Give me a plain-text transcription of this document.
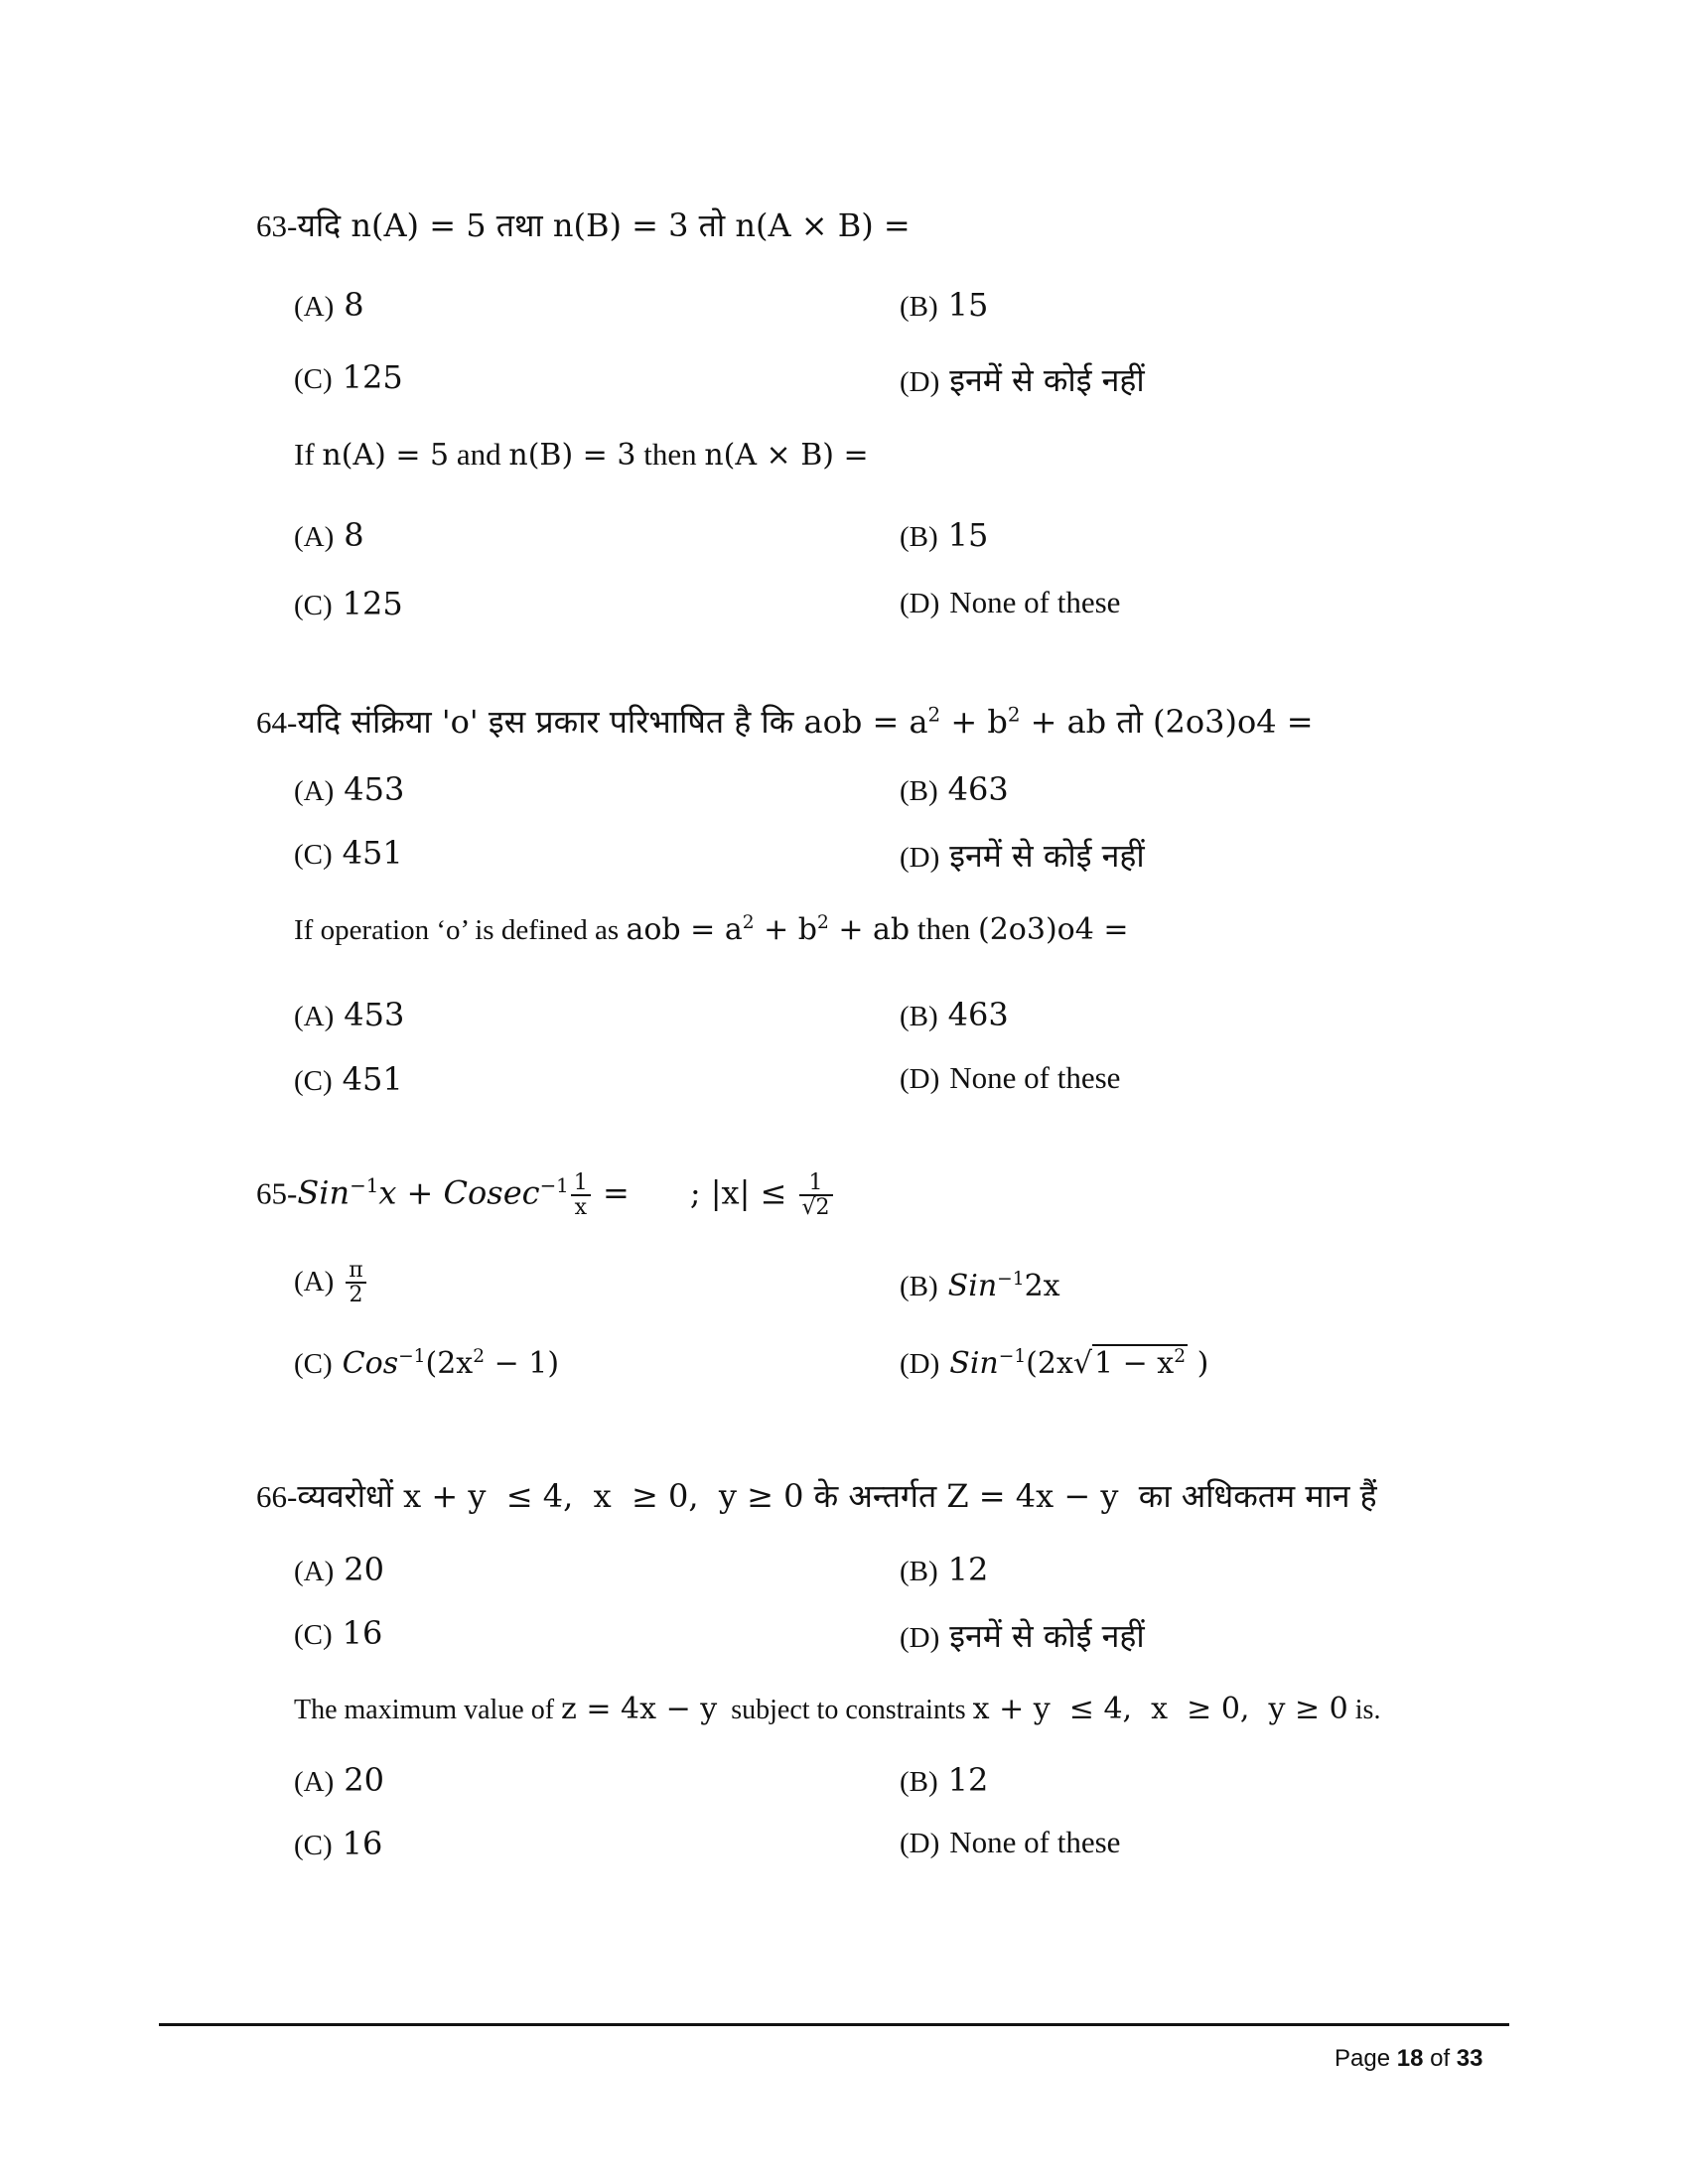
63-यदि n(A) = 5 तथा n(B) = 3 तो n(A × B) =
(A) 8	(B) 15
(C) 125	(D) इनमें से कोई नहीं
If n(A) = 5 and n(B) = 3 then n(A × B) =
(A) 8	(B) 15
(C) 125	(D) None of these
64-यदि संक्रिया 'o' इस प्रकार परिभाषित है कि aob = $a^2 + b^2$ + ab तो (2o3)o4 =
(A) 453	(B) 463
(C) 451	(D) इनमें से कोई नहीं
If operation ‘o’ is defined as aob = $a^2 + b^2$ + ab then (2o3)o4 =
(A) 453	(B) 463
(C) 451	(D) None of these
$65-Sin^{-1}x + Cosec^{-1} \frac{1}{x}$ =      ; $|x| \le \frac{1}{√2}$
$(A) \frac{\pi}{2}$	(B) Sin$^{-1}$2x
(C) $Cos^{-1}(2x^2 - 1)$	(D) $Sin^{-1}(2x√1 - x^2$ )
66-व्यवरोधों x + y  ≤ 4,  x  ≥ 0,  y ≥ 0 के अन्तर्गत Z = 4x − y  का अधिकतम मान हैं
(A) 20	(B) 12
(C) 16	(D) इनमें से कोई नहीं
The maximum value of z = 4x − y  subject to constraints x + y  ≤ 4,  x  ≥ 0,  y ≥ 0 is.
(A) 20	(B) 12
(C) 16	(D) None of these
Page 18 of 33
